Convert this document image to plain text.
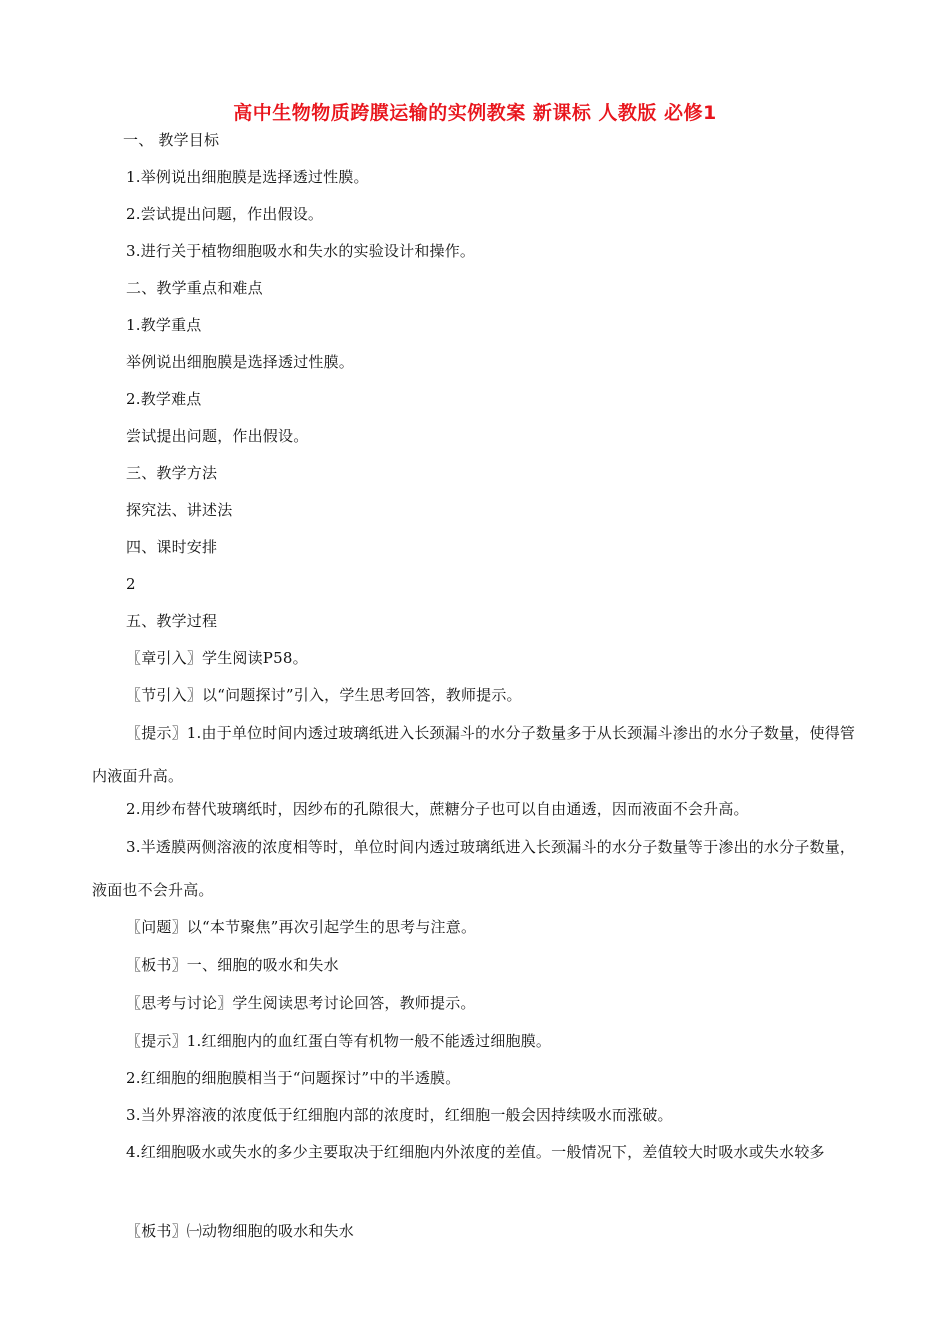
高中生物物质跨膜运输的实例教案 新课标 人教版 必修1
一、 教学目标
1.举例说出细胞膜是选择透过性膜。
2.尝试提出问题，作出假设。
3.进行关于植物细胞吸水和失水的实验设计和操作。
二、教学重点和难点
1.教学重点
举例说出细胞膜是选择透过性膜。
2.教学难点
尝试提出问题，作出假设。
三、教学方法
探究法、讲述法
四、课时安排
2
五、教学过程
〖章引入〗学生阅读P58。
〖节引入〗以“问题探讨”引入，学生思考回答，教师提示。
〖提示〗1.由于单位时间内透过玻璃纸进入长颈漏斗的水分子数量多于从长颈漏斗渗出的水分子数量，使得管内液面升高。
2.用纱布替代玻璃纸时，因纱布的孔隙很大，蔗糖分子也可以自由通透，因而液面不会升高。
3.半透膜两侧溶液的浓度相等时，单位时间内透过玻璃纸进入长颈漏斗的水分子数量等于渗出的水分子数量，液面也不会升高。
〖问题〗以“本节聚焦”再次引起学生的思考与注意。
〖板书〗一、细胞的吸水和失水
〖思考与讨论〗学生阅读思考讨论回答，教师提示。
〖提示〗1.红细胞内的血红蛋白等有机物一般不能透过细胞膜。
2.红细胞的细胞膜相当于“问题探讨”中的半透膜。
3.当外界溶液的浓度低于红细胞内部的浓度时，红细胞一般会因持续吸水而涨破。
4.红细胞吸水或失水的多少主要取决于红细胞内外浓度的差值。一般情况下，差值较大时吸水或失水较多
〖板书〗㈠动物细胞的吸水和失水
